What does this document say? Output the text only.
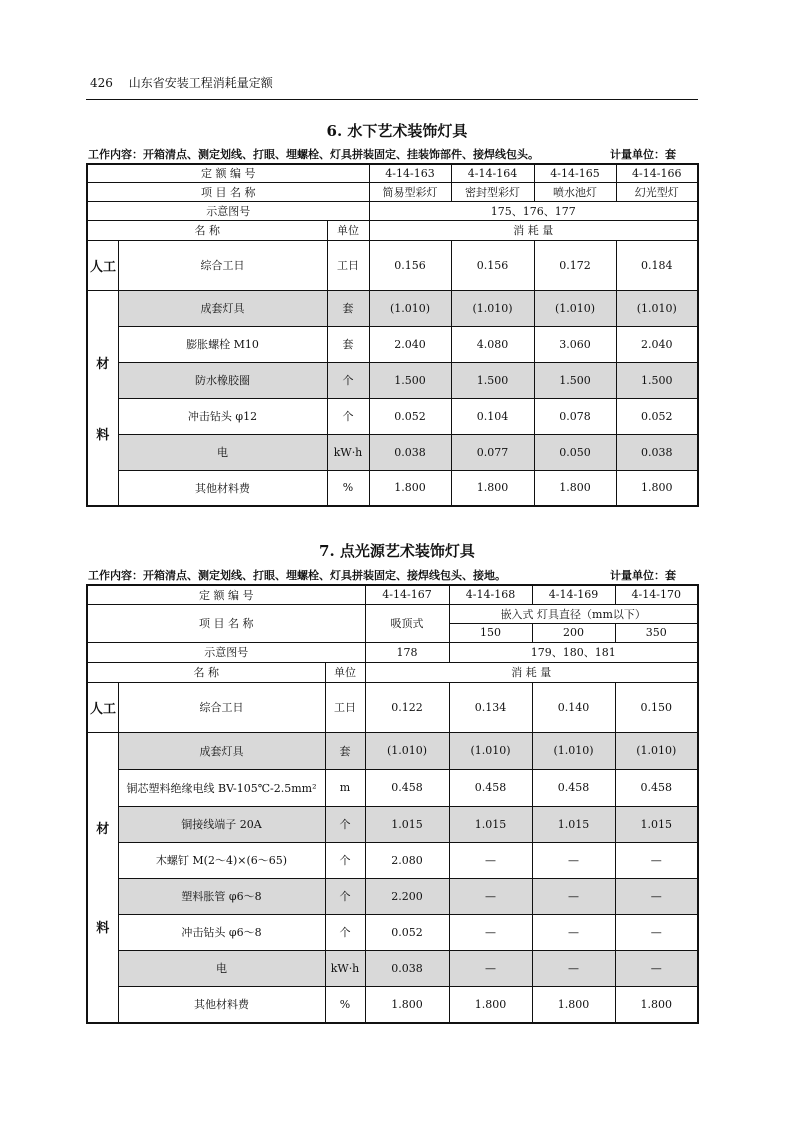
426 山东省安装工程消耗量定额
6. 水下艺术装饰灯具
工作内容：开箱清点、测定划线、打眼、埋螺栓、灯具拼装固定、挂装饰部件、接焊线包头。	计量单位：套
定 额 编 号			4-14-163	4-14-164	4-14-165	4-14-166
项 目 名 称			简易型彩灯	密封型彩灯	喷水池灯	幻光型灯
示意图号			175、176、177			
名 称		单位	消 耗 量			
人工	综合工日	工日	0.156	0.156	0.172	0.184

材
料	成套灯具	套	(1.010)	(1.010)	(1.010)	(1.010)
	膨胀螺栓 M10	套	2.040	4.080	3.060	2.040
	防水橡胶圈	个	1.500	1.500	1.500	1.500
	冲击钻头 φ12	个	0.052	0.104	0.078	0.052
	电	kW·h	0.038	0.077	0.050	0.038
	其他材料费	%	1.800	1.800	1.800	1.800
7. 点光源艺术装饰灯具
工作内容：开箱清点、测定划线、打眼、埋螺栓、灯具拼装固定、接焊线包头、接地。	计量单位：套
定 额 编 号			4-14-167	4-14-168	4-14-169	4-14-170
项 目 名 称			吸顶式	嵌入式 灯具直径（mm以下）		
				150	200	350
示意图号			178	179、180、181		
名 称		单位	消 耗 量			
人工	综合工日	工日	0.122	0.134	0.140	0.150

材
料	成套灯具	套	(1.010)	(1.010)	(1.010)	(1.010)
	铜芯塑料绝缘电线 BV-105℃-2.5mm²	m	0.458	0.458	0.458	0.458
	铜接线端子 20A	个	1.015	1.015	1.015	1.015
	木螺钉 M(2～4)×(6～65)	个	2.080	—	—	—
	塑料胀管 φ6～8	个	2.200	—	—	—
	冲击钻头 φ6～8	个	0.052	—	—	—
	电	kW·h	0.038	—	—	—
	其他材料费	%	1.800	1.800	1.800	1.800
